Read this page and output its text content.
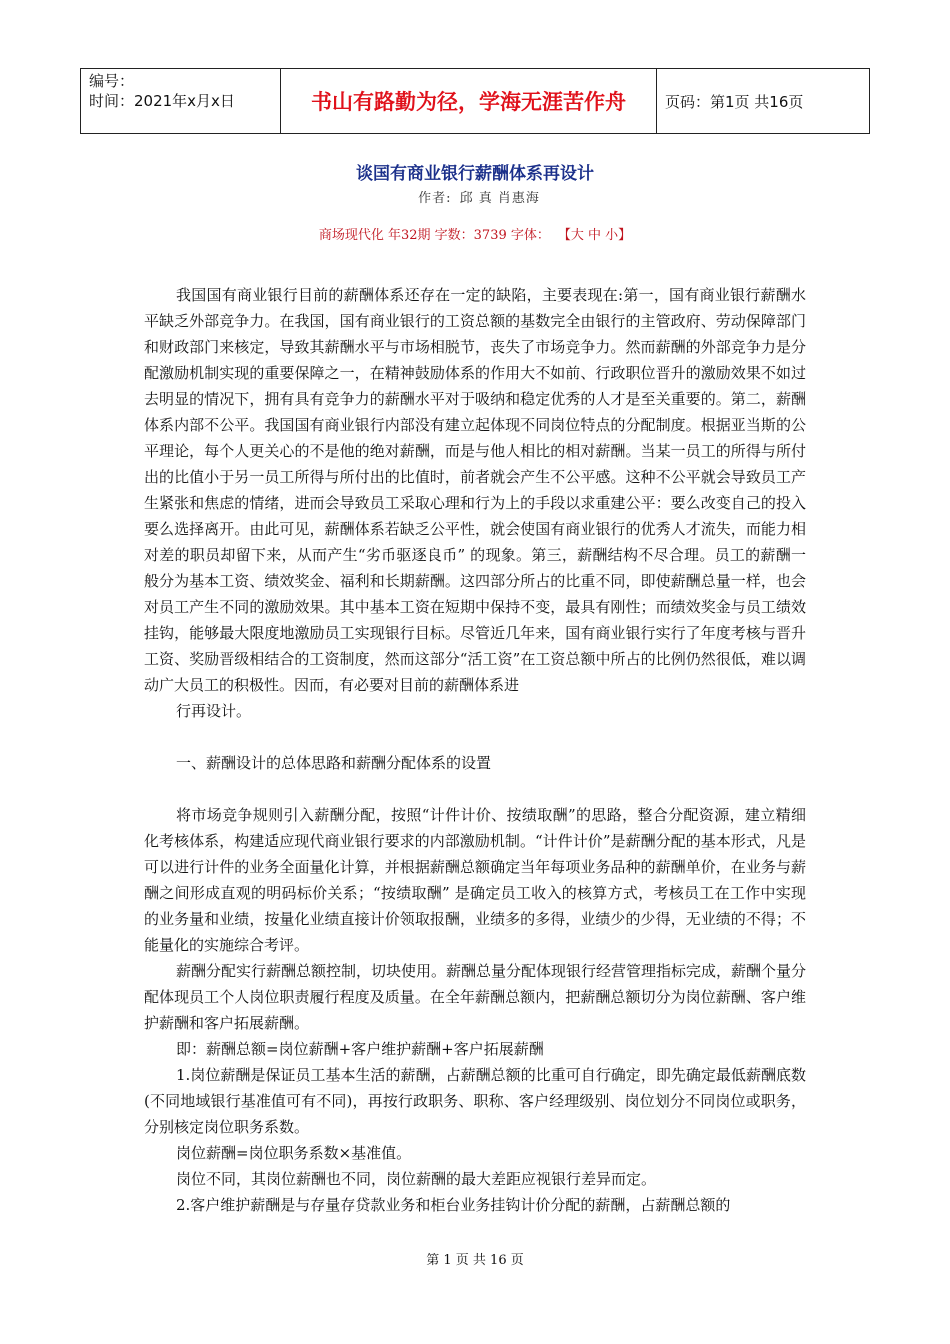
编号：
时间：2021年x月x日	书山有路勤为径，学海无涯苦作舟	页码：第1页 共16页
谈国有商业银行薪酬体系再设计
作者: 邱 真 肖惠海
商场现代化 年32期 字数：3739 字体： 【大 中 小】

我国国有商业银行目前的薪酬体系还存在一定的缺陷，主要表现在:第一，国有商业银行薪酬水平缺乏外部竞争力。在我国，国有商业银行的工资总额的基数完全由银行的主管政府、劳动保障部门和财政部门来核定，导致其薪酬水平与市场相脱节，丧失了市场竞争力。然而薪酬的外部竞争力是分配激励机制实现的重要保障之一，在精神鼓励体系的作用大不如前、行政职位晋升的激励效果不如过去明显的情况下，拥有具有竞争力的薪酬水平对于吸纳和稳定优秀的人才是至关重要的。第二，薪酬体系内部不公平。我国国有商业银行内部没有建立起体现不同岗位特点的分配制度。根据亚当斯的公平理论，每个人更关心的不是他的绝对薪酬，而是与他人相比的相对薪酬。当某一员工的所得与所付出的比值小于另一员工所得与所付出的比值时，前者就会产生不公平感。这种不公平就会导致员工产生紧张和焦虑的情绪，进而会导致员工采取心理和行为上的手段以求重建公平：要么改变自己的投入要么选择离开。由此可见，薪酬体系若缺乏公平性，就会使国有商业银行的优秀人才流失，而能力相对差的职员却留下来，从而产生“劣币驱逐良币” 的现象。第三，薪酬结构不尽合理。员工的薪酬一般分为基本工资、绩效奖金、福利和长期薪酬。这四部分所占的比重不同，即使薪酬总量一样，也会对员工产生不同的激励效果。其中基本工资在短期中保持不变，最具有刚性；而绩效奖金与员工绩效挂钩，能够最大限度地激励员工实现银行目标。尽管近几年来，国有商业银行实行了年度考核与晋升工资、奖励晋级相结合的工资制度，然而这部分“活工资”在工资总额中所占的比例仍然很低，难以调动广大员工的积极性。因而，有必要对目前的薪酬体系进

行再设计。

一、薪酬设计的总体思路和薪酬分配体系的设置

将市场竞争规则引入薪酬分配，按照“计件计价、按绩取酬”的思路，整合分配资源，建立精细化考核体系，构建适应现代商业银行要求的内部激励机制。“计件计价”是薪酬分配的基本形式，凡是可以进行计件的业务全面量化计算，并根据薪酬总额确定当年每项业务品种的薪酬单价，在业务与薪酬之间形成直观的明码标价关系；“按绩取酬” 是确定员工收入的核算方式，考核员工在工作中实现的业务量和业绩，按量化业绩直接计价领取报酬，业绩多的多得，业绩少的少得，无业绩的不得；不能量化的实施综合考评。

薪酬分配实行薪酬总额控制，切块使用。薪酬总量分配体现银行经营管理指标完成，薪酬个量分配体现员工个人岗位职责履行程度及质量。在全年薪酬总额内，把薪酬总额切分为岗位薪酬、客户维护薪酬和客户拓展薪酬。

即：薪酬总额=岗位薪酬+客户维护薪酬+客户拓展薪酬

1.岗位薪酬是保证员工基本生活的薪酬，占薪酬总额的比重可自行确定，即先确定最低薪酬底数(不同地域银行基准值可有不同)，再按行政职务、职称、客户经理级别、岗位划分不同岗位或职务，分别核定岗位职务系数。

岗位薪酬=岗位职务系数×基准值。

岗位不同，其岗位薪酬也不同，岗位薪酬的最大差距应视银行差异而定。

2.客户维护薪酬是与存量存贷款业务和柜台业务挂钩计价分配的薪酬，占薪酬总额的

第 1 页 共 16 页
